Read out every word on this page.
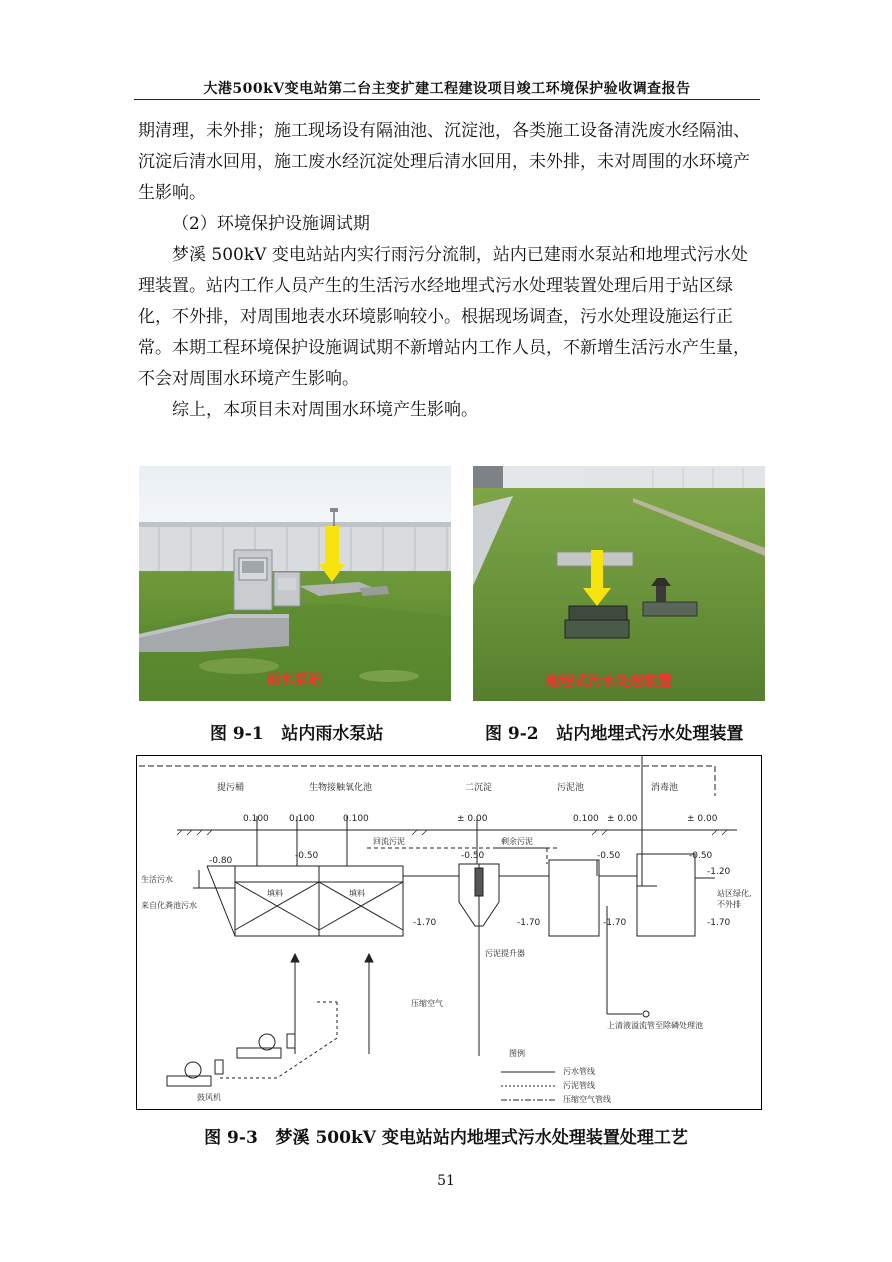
大港500kV变电站第二台主变扩建工程建设项目竣工环境保护验收调查报告

期清理，未外排；施工现场设有隔油池、沉淀池，各类施工设备清洗废水经隔油、沉淀后清水回用，施工废水经沉淀处理后清水回用，未外排，未对周围的水环境产生影响。

（2）环境保护设施调试期

梦溪 500kV 变电站站内实行雨污分流制，站内已建雨水泵站和地埋式污水处理装置。站内工作人员产生的生活污水经地埋式污水处理装置处理后用于站区绿化，不外排，对周围地表水环境影响较小。根据现场调查，污水处理设施运行正常。本期工程环境保护设施调试期不新增站内工作人员，不新增生活污水产生量，不会对周围水环境产生影响。

综上，本项目未对周围水环境产生影响。

雨水泵站	地埋式污水处理装置
图 9-1 站内雨水泵站	图 9-2 站内地埋式污水处理装置
提污桶	生物接触氧化池	二沉淀	污泥池	消毒池
0.100 0.100	0.100	± 0.00	0.100 ± 0.00	± 0.00
-0.80	-0.50	-0.50	-0.50	-0.50
-1.20
-1.70	-1.70	-1.70	-1.70
生活污水
来自化粪池污水
回流污泥	剩余污泥
填料	填料
污泥提升器
压缩空气
站区绿化,
不外排
上清液溢流管至除磷处理池
鼓风机
图例
污水管线
污泥管线
压缩空气管线
图 9-3 梦溪 500kV 变电站站内地埋式污水处理装置处理工艺
51
